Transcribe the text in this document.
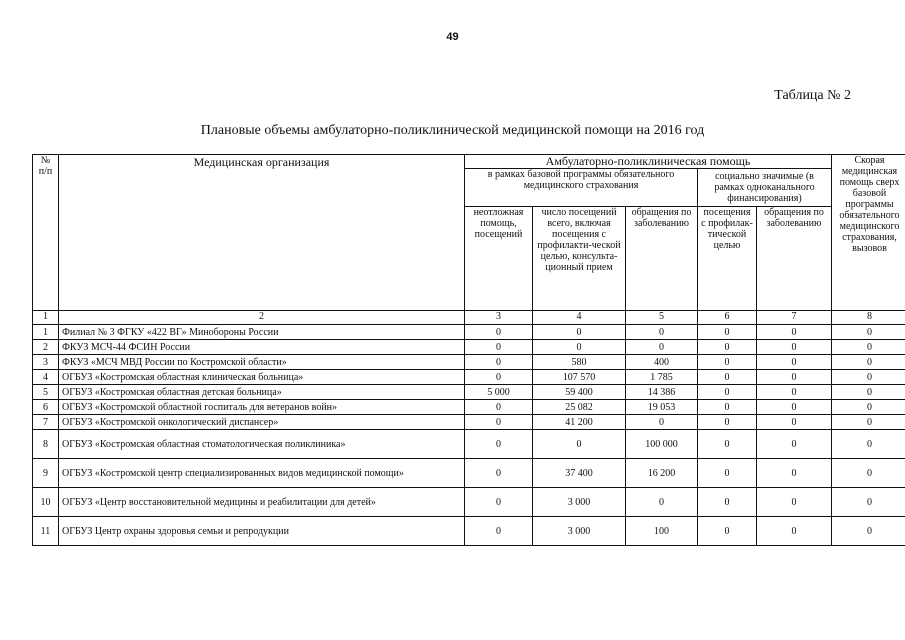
49
Таблица № 2
Плановые объемы амбулаторно-поликлинической медицинской помощи на 2016 год
№ п/п	Медицинская организация	Амбулаторно-поликлиническая помощь					Скорая медицинская помощь сверх базовой программы обязательного медицинского страхования, вызовов
		в рамках базовой программы обязательного медицинского страхования			социально значимые (в рамках одноканального финансирования)		
		неотложная помощь, посещений	число посещений всего, включая посещения с профилакти-ческой целью, консульта-ционный прием	обращения по заболеванию	посещения с профилак-тической целью	обращения по заболеванию	
1	2	3	4	5	6	7	8
1	Филиал № 3 ФГКУ «422 ВГ» Минобороны России	0	0	0	0	0	0
2	ФКУЗ МСЧ-44 ФСИН России	0	0	0	0	0	0
3	ФКУЗ «МСЧ МВД России по Костромской области»	0	580	400	0	0	0
4	ОГБУЗ «Костромская областная клиническая больница»	0	107 570	1 785	0	0	0
5	ОГБУЗ «Костромская областная детская больница»	5 000	59 400	14 386	0	0	0
6	ОГБУЗ «Костромской областной госпиталь для ветеранов войн»	0	25 082	19 053	0	0	0
7	ОГБУЗ «Костромской онкологический диспансер»	0	41 200	0	0	0	0
8	ОГБУЗ «Костромская областная стоматологическая поликлиника»	0	0	100 000	0	0	0
9	ОГБУЗ «Костромской центр специализированных видов медицинской помощи»	0	37 400	16 200	0	0	0
10	ОГБУЗ «Центр восстановительной медицины и реабилитации для детей»	0	3 000	0	0	0	0
11	ОГБУЗ Центр охраны здоровья семьи и репродукции	0	3 000	100	0	0	0
